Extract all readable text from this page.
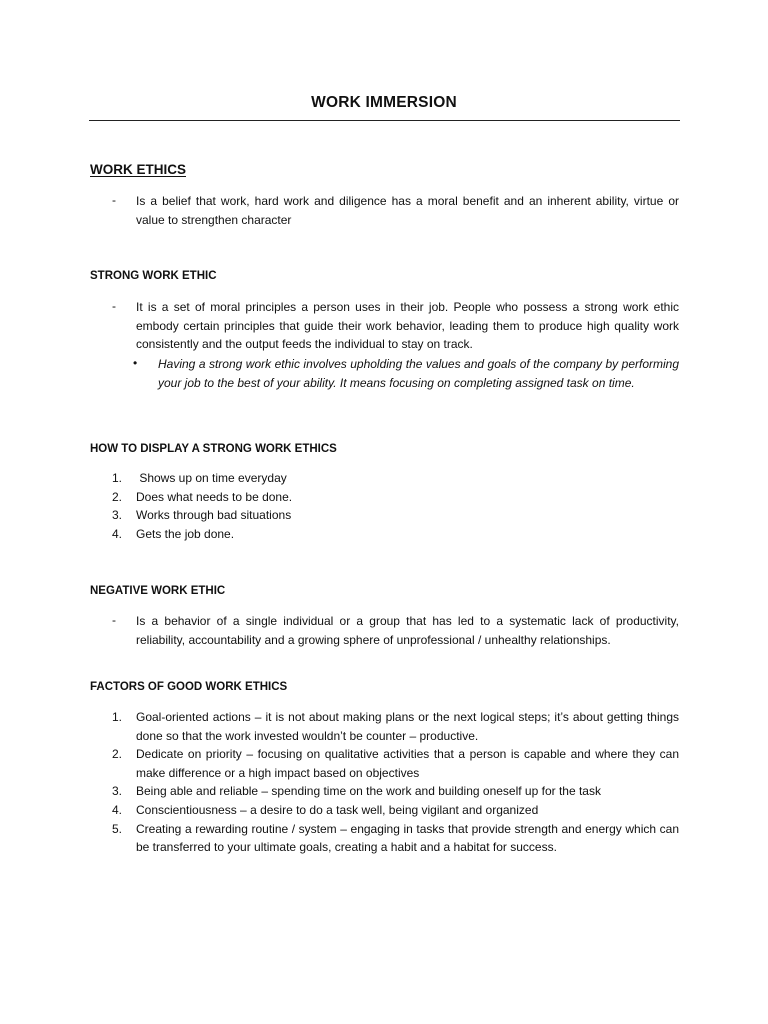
WORK IMMERSION
WORK ETHICS
- Is a belief that work, hard work and diligence has a moral benefit and an inherent ability, virtue or value to strengthen character
STRONG WORK ETHIC
- It is a set of moral principles a person uses in their job. People who possess a strong work ethic embody certain principles that guide their work behavior, leading them to produce high quality work consistently and the output feeds the individual to stay on track.
• Having a strong work ethic involves upholding the values and goals of the company by performing your job to the best of your ability. It means focusing on completing assigned task on time.
HOW TO DISPLAY A STRONG WORK ETHICS
1. Shows up on time everyday
2. Does what needs to be done.
3. Works through bad situations
4. Gets the job done.
NEGATIVE WORK ETHIC
- Is a behavior of a single individual or a group that has led to a systematic lack of productivity, reliability, accountability and a growing sphere of unprofessional / unhealthy relationships.
FACTORS OF GOOD WORK ETHICS
1. Goal-oriented actions – it is not about making plans or the next logical steps; it’s about getting things done so that the work invested wouldn’t be counter – productive.
2. Dedicate on priority – focusing on qualitative activities that a person is capable and where they can make difference or a high impact based on objectives
3. Being able and reliable – spending time on the work and building oneself up for the task
4. Conscientiousness – a desire to do a task well, being vigilant and organized
5. Creating a rewarding routine / system – engaging in tasks that provide strength and energy which can be transferred to your ultimate goals, creating a habit and a habitat for success.
